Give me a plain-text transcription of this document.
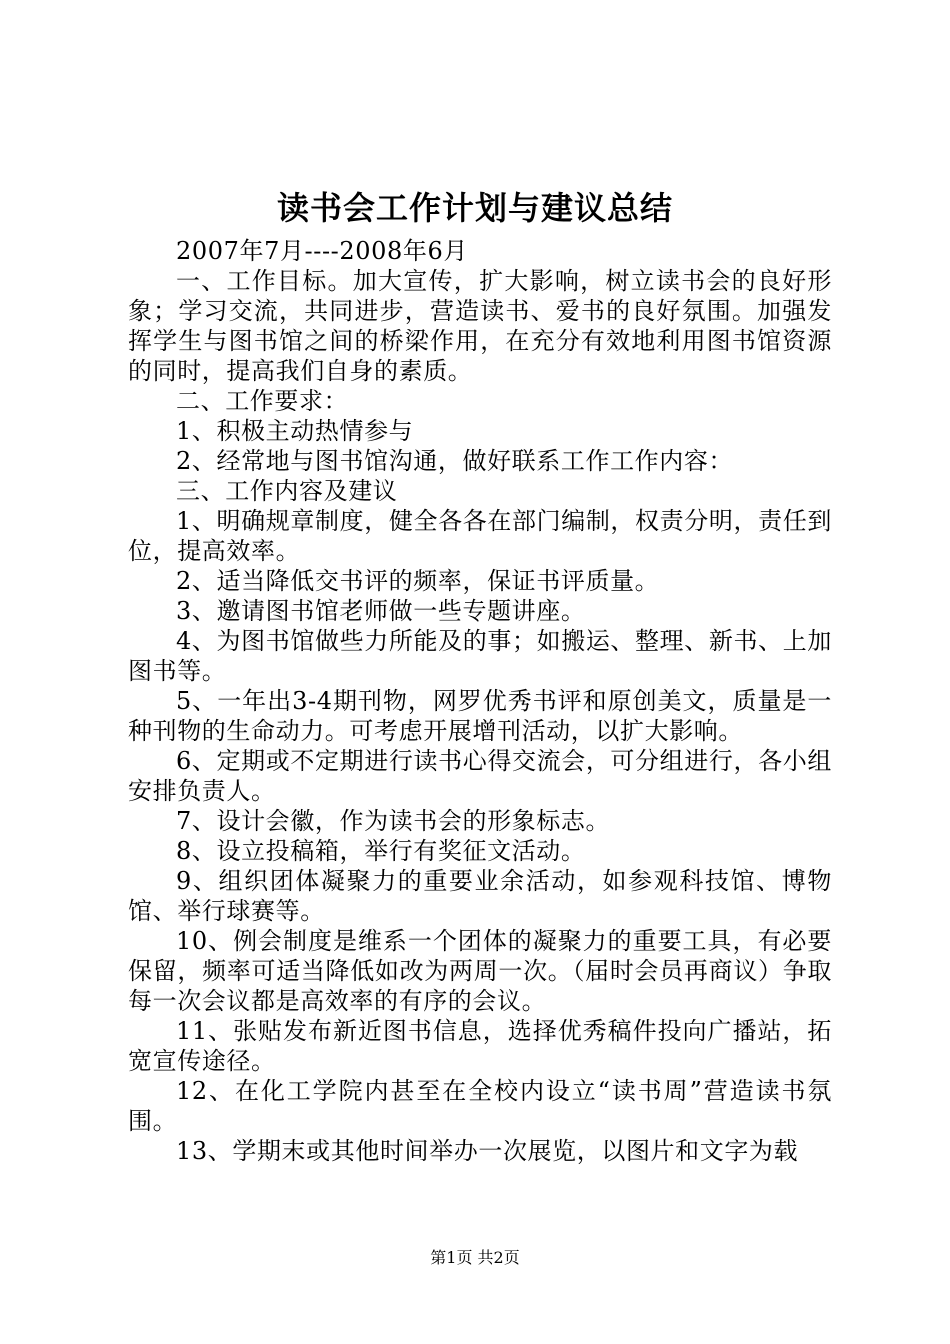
读书会工作计划与建议总结

2007年7月----2008年6月

一、工作目标。加大宣传，扩大影响，树立读书会的良好形象；学习交流，共同进步，营造读书、爱书的良好氛围。加强发挥学生与图书馆之间的桥梁作用，在充分有效地利用图书馆资源的同时，提高我们自身的素质。

二、工作要求：

1、积极主动热情参与

2、经常地与图书馆沟通，做好联系工作工作内容：

三、工作内容及建议

1、明确规章制度，健全各各在部门编制，权责分明，责任到位，提高效率。

2、适当降低交书评的频率，保证书评质量。

3、邀请图书馆老师做一些专题讲座。

4、为图书馆做些力所能及的事；如搬运、整理、新书、上加图书等。

5、一年出3-4期刊物，网罗优秀书评和原创美文，质量是一种刊物的生命动力。可考虑开展增刊活动，以扩大影响。

6、定期或不定期进行读书心得交流会，可分组进行，各小组安排负责人。

7、设计会徽，作为读书会的形象标志。

8、设立投稿箱，举行有奖征文活动。

9、组织团体凝聚力的重要业余活动，如参观科技馆、博物馆、举行球赛等。

10、例会制度是维系一个团体的凝聚力的重要工具，有必要保留，频率可适当降低如改为两周一次。（届时会员再商议）争取每一次会议都是高效率的有序的会议。

11、张贴发布新近图书信息，选择优秀稿件投向广播站，拓宽宣传途径。

12、在化工学院内甚至在全校内设立“读书周”营造读书氛围。

13、学期末或其他时间举办一次展览，以图片和文字为载

第1页 共2页
